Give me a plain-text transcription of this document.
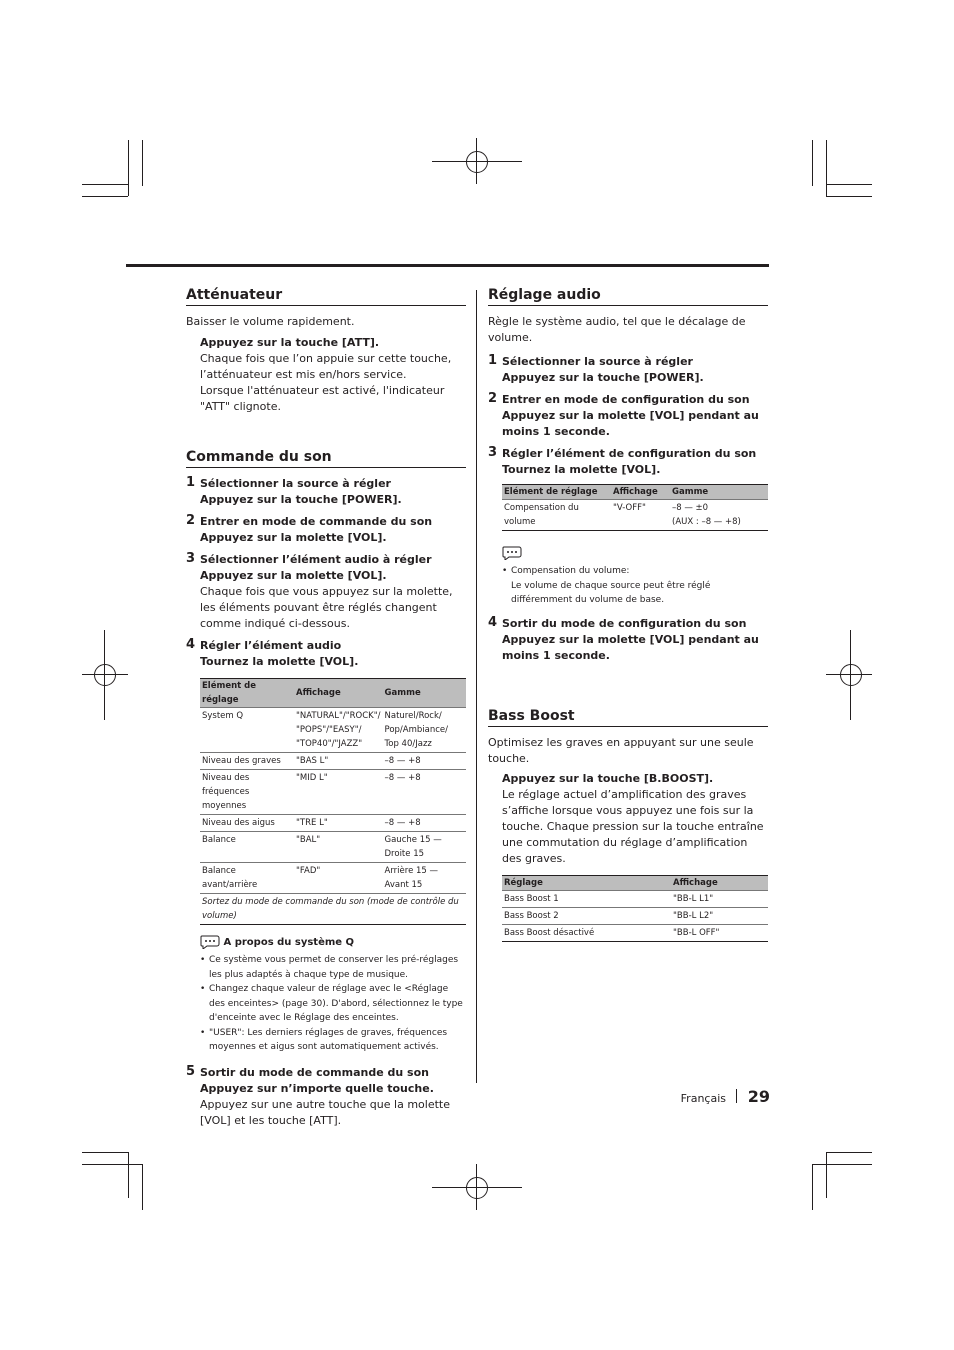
Atténuateur

Baisser le volume rapidement.

Appuyez sur la touche [ATT].

Chaque fois que l’on appuie sur cette touche, l’atténuateur est mis en/hors service.

Lorsque l'atténuateur est activé, l'indicateur "ATT" clignote.

Commande du son
1 Sélectionner la source à régler
Appuyez sur la touche [POWER].
2 Entrer en mode de commande du son
Appuyez sur la molette [VOL].
3 Sélectionner l’élément audio à régler
Appuyez sur la molette [VOL].
Chaque fois que vous appuyez sur la molette, les éléments pouvant être réglés changent comme indiqué ci-dessous.
4 Régler l’élément audio
Tournez la molette [VOL].
Elément de réglage	Affichage	Gamme
System Q	"NATURAL"/"ROCK"/ "POPS"/"EASY"/ "TOP40"/"JAZZ"	Naturel/Rock/ Pop/Ambiance/ Top 40/Jazz
Niveau des graves	"BAS L"	–8 — +8
Niveau des fréquences moyennes	"MID L"	–8 — +8
Niveau des aigus	"TRE L"	–8 — +8
Balance	"BAL"	Gauche 15 — Droite 15
Balance avant/arrière	"FAD"	Arrière 15 — Avant 15
Sortez du mode de commande du son (mode de contrôle du volume)		
A propos du système Q
• Ce système vous permet de conserver les pré-réglages les plus adaptés à chaque type de musique.
• Changez chaque valeur de réglage avec le <Réglage des enceintes> (page 30). D'abord, sélectionnez le type d'enceinte avec le Réglage des enceintes.
• "USER": Les derniers réglages de graves, fréquences moyennes et aigus sont automatiquement activés.
5 Sortir du mode de commande du son
Appuyez sur n’importe quelle touche.
Appuyez sur une autre touche que la molette [VOL] et les touche [ATT].
Réglage audio

Règle le système audio, tel que le décalage de volume.

1 Sélectionner la source à régler
Appuyez sur la touche [POWER].
2 Entrer en mode de configuration du son
Appuyez sur la molette [VOL] pendant au moins 1 seconde.
3 Régler l’élément de configuration du son
Tournez la molette [VOL].
Elément de réglage	Affichage	Gamme
Compensation du volume	"V-OFF"	–8 — ±0
(AUX : –8 — +8)
• Compensation du volume:
Le volume de chaque source peut être réglé différemment du volume de base.
4 Sortir du mode de configuration du son
Appuyez sur la molette [VOL] pendant au moins 1 seconde.
Bass Boost

Optimisez les graves en appuyant sur une seule touche.

Appuyez sur la touche [B.BOOST].

Le réglage actuel d’amplification des graves s’affiche lorsque vous appuyez une fois sur la touche. Chaque pression sur la touche entraîne une commutation du réglage d’amplification des graves.

Réglage	Affichage
Bass Boost 1	"BB-L L1"
Bass Boost 2	"BB-L L2"
Bass Boost désactivé	"BB-L OFF"
Français 29
